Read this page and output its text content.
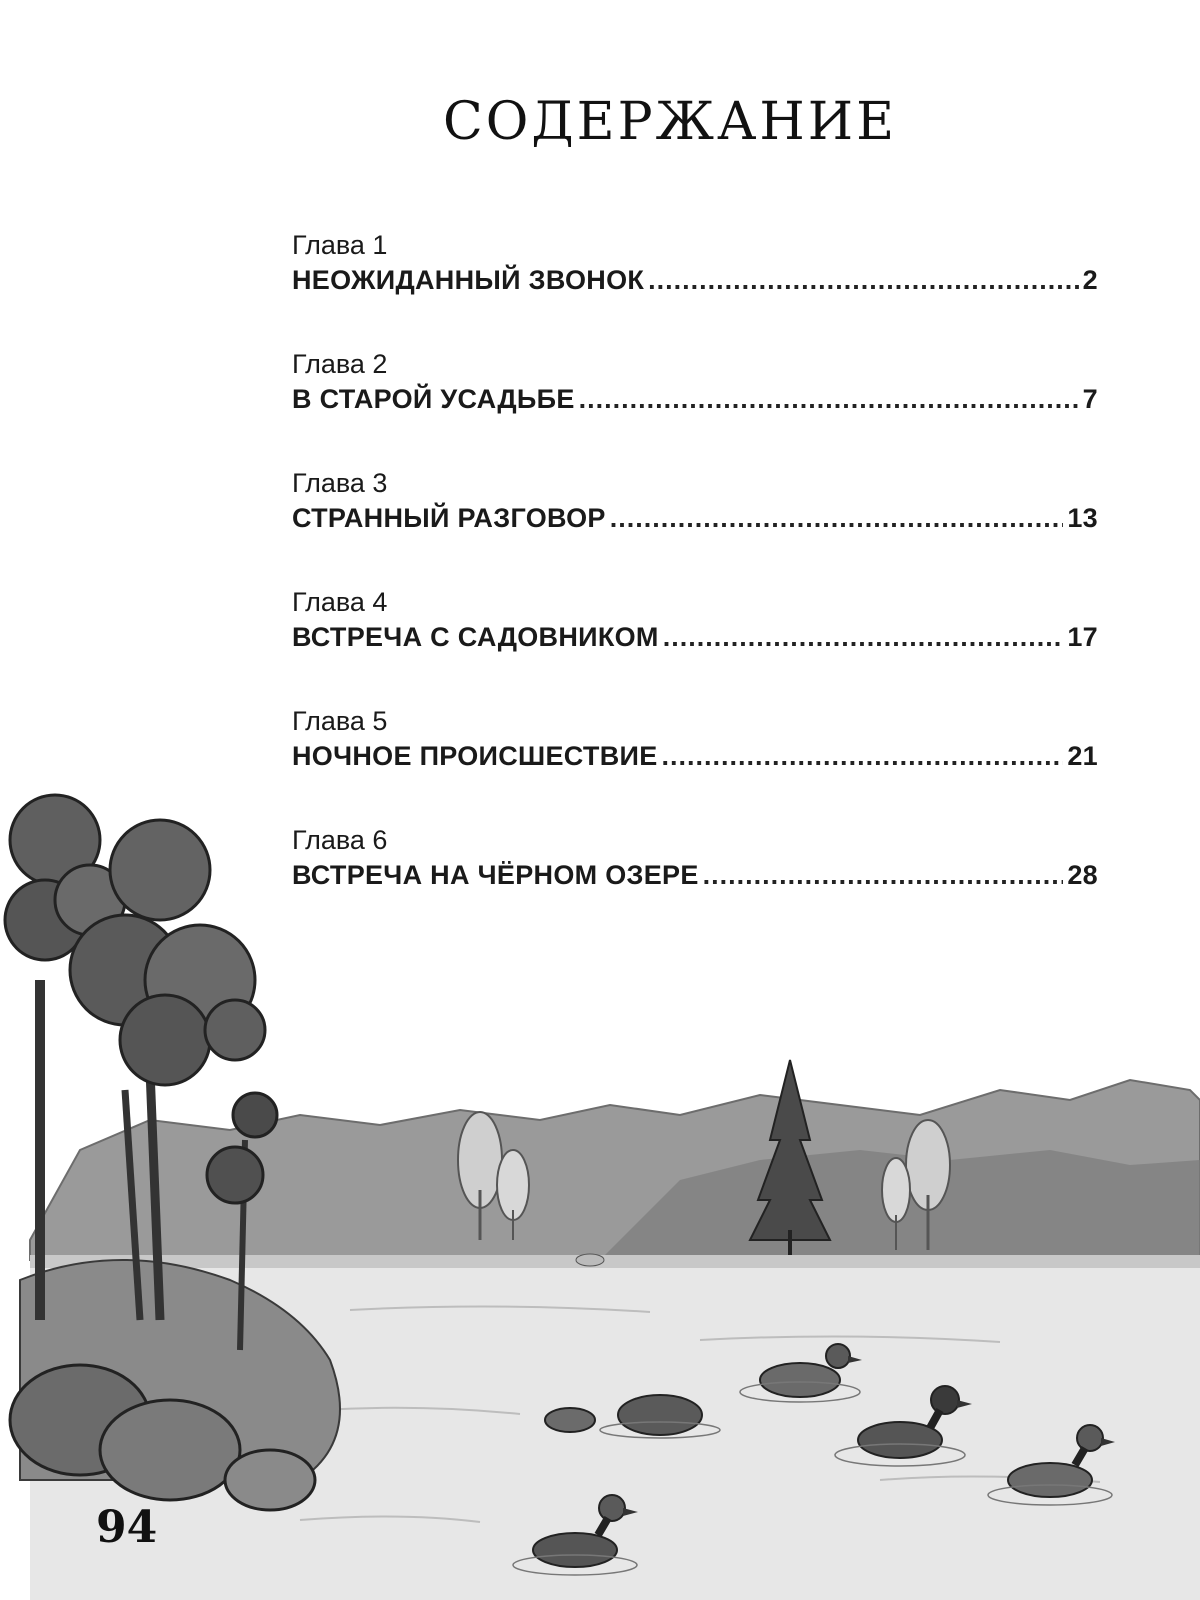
СОДЕРЖАНИЕ
Глава 1
НЕОЖИДАННЫЙ ЗВОНОК .....	2
Глава 2
В СТАРОЙ УСАДЬБЕ .....	7
Глава 3
СТРАННЫЙ РАЗГОВОР .....	13
Глава 4
ВСТРЕЧА С САДОВНИКОМ .....	17
Глава 5
НОЧНОЕ ПРОИСШЕСТВИЕ .....	21
Глава 6
ВСТРЕЧА НА ЧЁРНОМ ОЗЕРЕ .....	28
94
